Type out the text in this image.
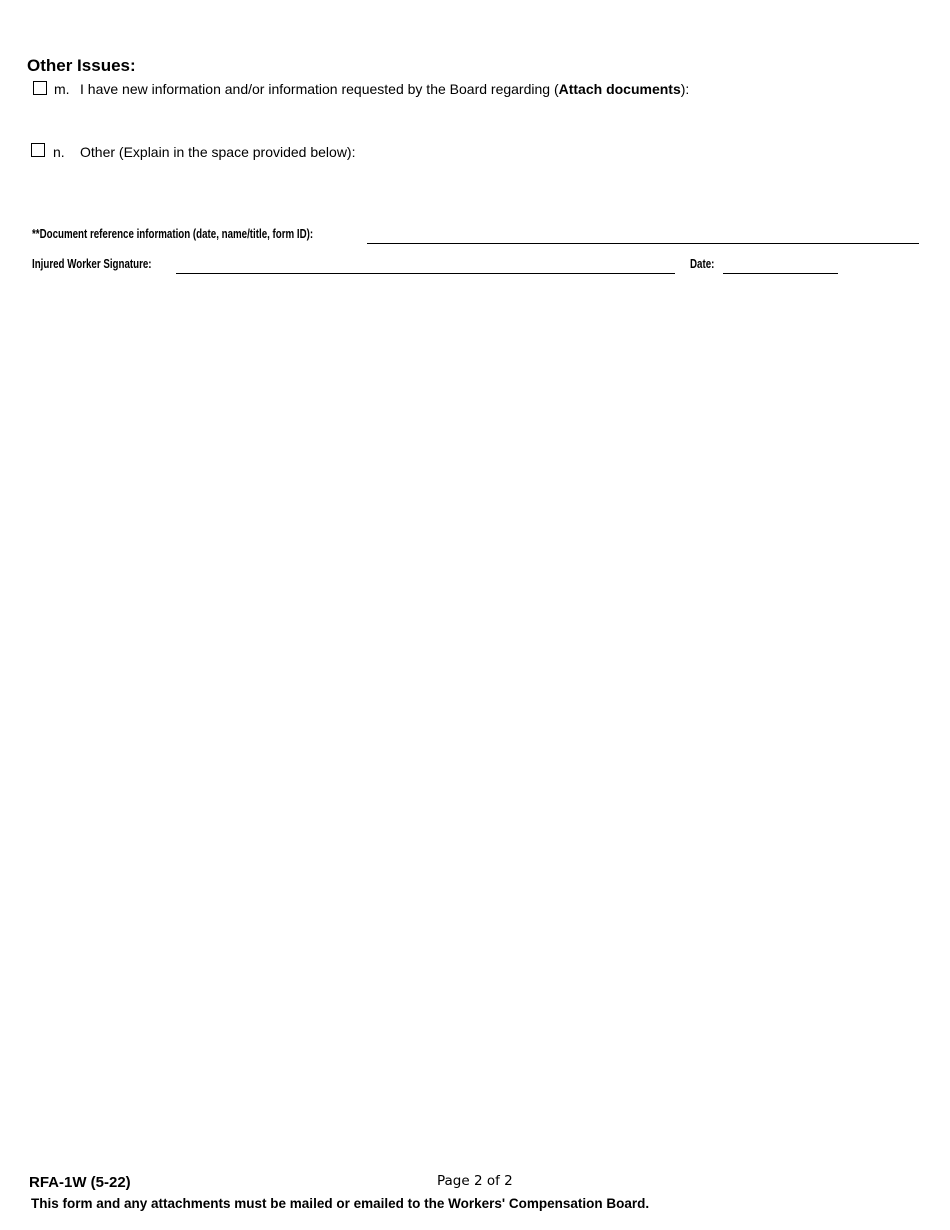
Other Issues:
m. I have new information and/or information requested by the Board regarding (Attach documents):
n. Other (Explain in the space provided below):
**Document reference information (date, name/title, form ID):
Injured Worker Signature:	Date:
RFA-1W (5-22)	Page 2 of 2
This form and any attachments must be mailed or emailed to the Workers' Compensation Board.
